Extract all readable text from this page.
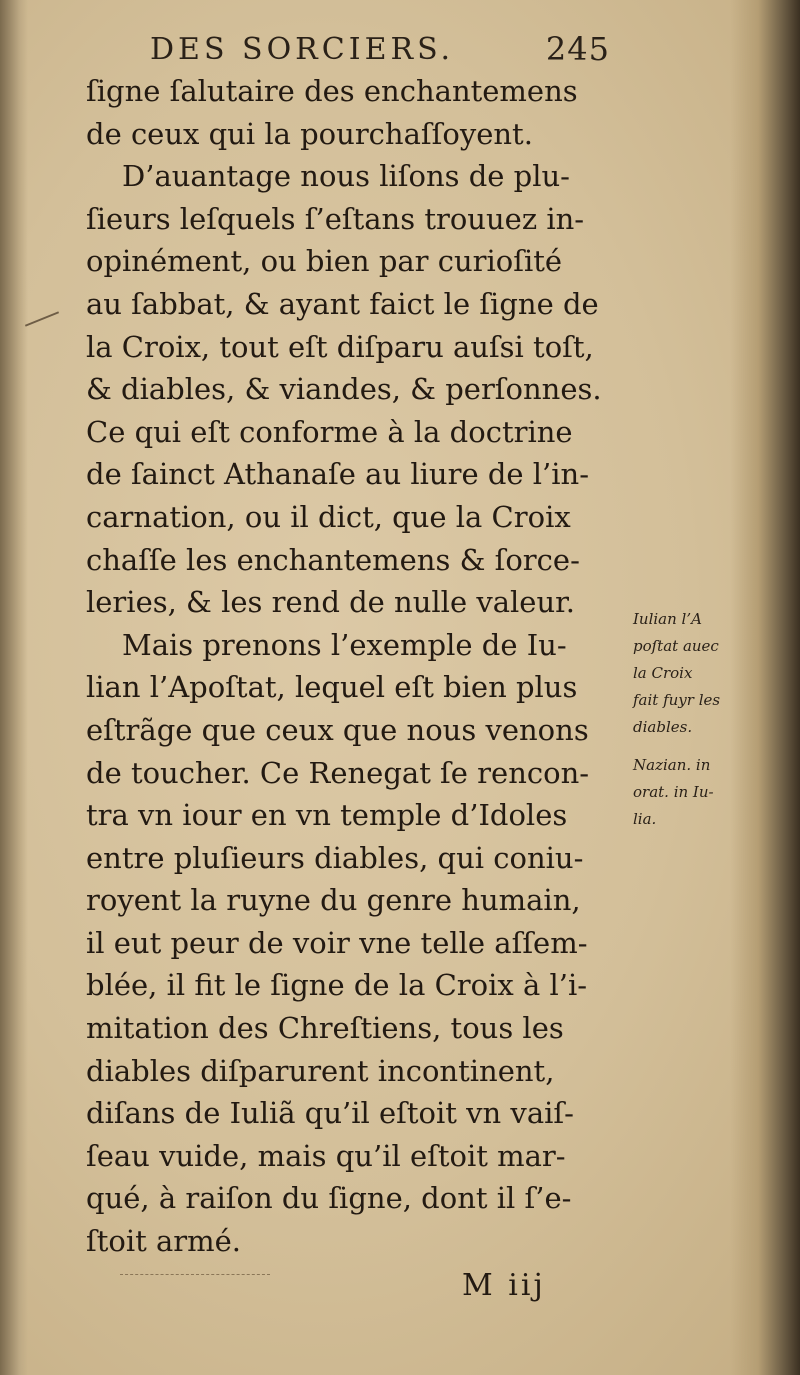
DES SORCIERS.	245
ſigne ſalutaire des enchantemens
de ceux qui la pourchaſſoyent.
D’auantage nous liſons de plu-
ſieurs leſquels ſ’eſtans trouuez in-
opinément, ou bien par curioſité
au ſabbat, & ayant faict le ſigne de
la Croix, tout eſt diſparu auſsi toſt,
& diables, & viandes, & perſonnes.
Ce qui eſt conforme à la doctrine
de ſainct Athanaſe au liure de l’in-
carnation, ou il dict, que la Croix
chaſſe les enchantemens & ſorce-
leries, & les rend de nulle valeur.
Mais prenons l’exemple de Iu-
lian l’Apoſtat, lequel eſt bien plus
eſtrãge que ceux que nous venons
de toucher. Ce Renegat ſe rencon-
tra vn iour en vn temple d’Idoles
entre pluſieurs diables, qui coniu-
royent la ruyne du genre humain,
il eut peur de voir vne telle aſſem-
blée, il fit le ſigne de la Croix à l’i-
mitation des Chreſtiens, tous les
diables diſparurent incontinent,
diſans de Iuliã qu’il eſtoit vn vaiſ-
ſeau vuide, mais qu’il eſtoit mar-
qué, à raiſon du ſigne, dont il ſ’e-
ſtoit armé.
Iulian l’A
poſtat auec
la Croix
fait fuyr les
diables.
Nazian. in
orat. in Iu-
lia.
M iij
